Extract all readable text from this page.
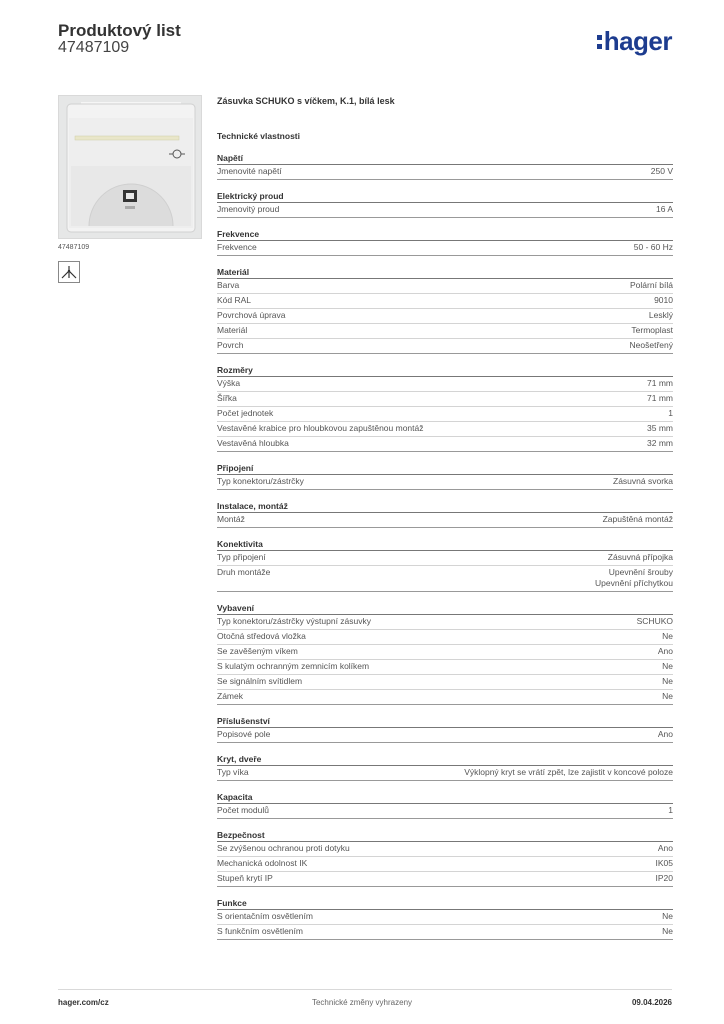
Produktový list
47487109	hager
47487109
Zásuvka SCHUKO s víčkem, K.1, bílá lesk
Technické vlastnosti
Napětí
Jmenovité napětí	250 V
Elektrický proud
Jmenovitý proud	16 A
Frekvence
Frekvence	50 - 60 Hz
Materiál
Barva	Polární bílá
Kód RAL	9010
Povrchová úprava	Lesklý
Materiál	Termoplast
Povrch	Neošetřený
Rozměry
Výška	71 mm
Šířka	71 mm
Počet jednotek	1
Vestavěné krabice pro hloubkovou zapuštěnou montáž	35 mm
Vestavěná hloubka	32 mm
Připojení
Typ konektoru/zástrčky	Zásuvná svorka
Instalace, montáž
Montáž	Zapuštěná montáž
Konektivita
Typ připojení	Zásuvná přípojka
Druh montáže	Upevnění šrouby
Upevnění příchytkou
Vybavení
Typ konektoru/zástrčky výstupní zásuvky	SCHUKO
Otočná středová vložka	Ne
Se zavěšeným víkem	Ano
S kulatým ochranným zemnicím kolíkem	Ne
Se signálním svítidlem	Ne
Zámek	Ne
Příslušenství
Popisové pole	Ano
Kryt, dveře
Typ víka	Výklopný kryt se vrátí zpět, lze zajistit v koncové poloze
Kapacita
Počet modulů	1
Bezpečnost
Se zvýšenou ochranou proti dotyku	Ano
Mechanická odolnost IK	IK05
Stupeň krytí IP	IP20
Funkce
S orientačním osvětlením	Ne
S funkčním osvětlením	Ne
hager.com/cz	Technické změny vyhrazeny	09.04.2026
